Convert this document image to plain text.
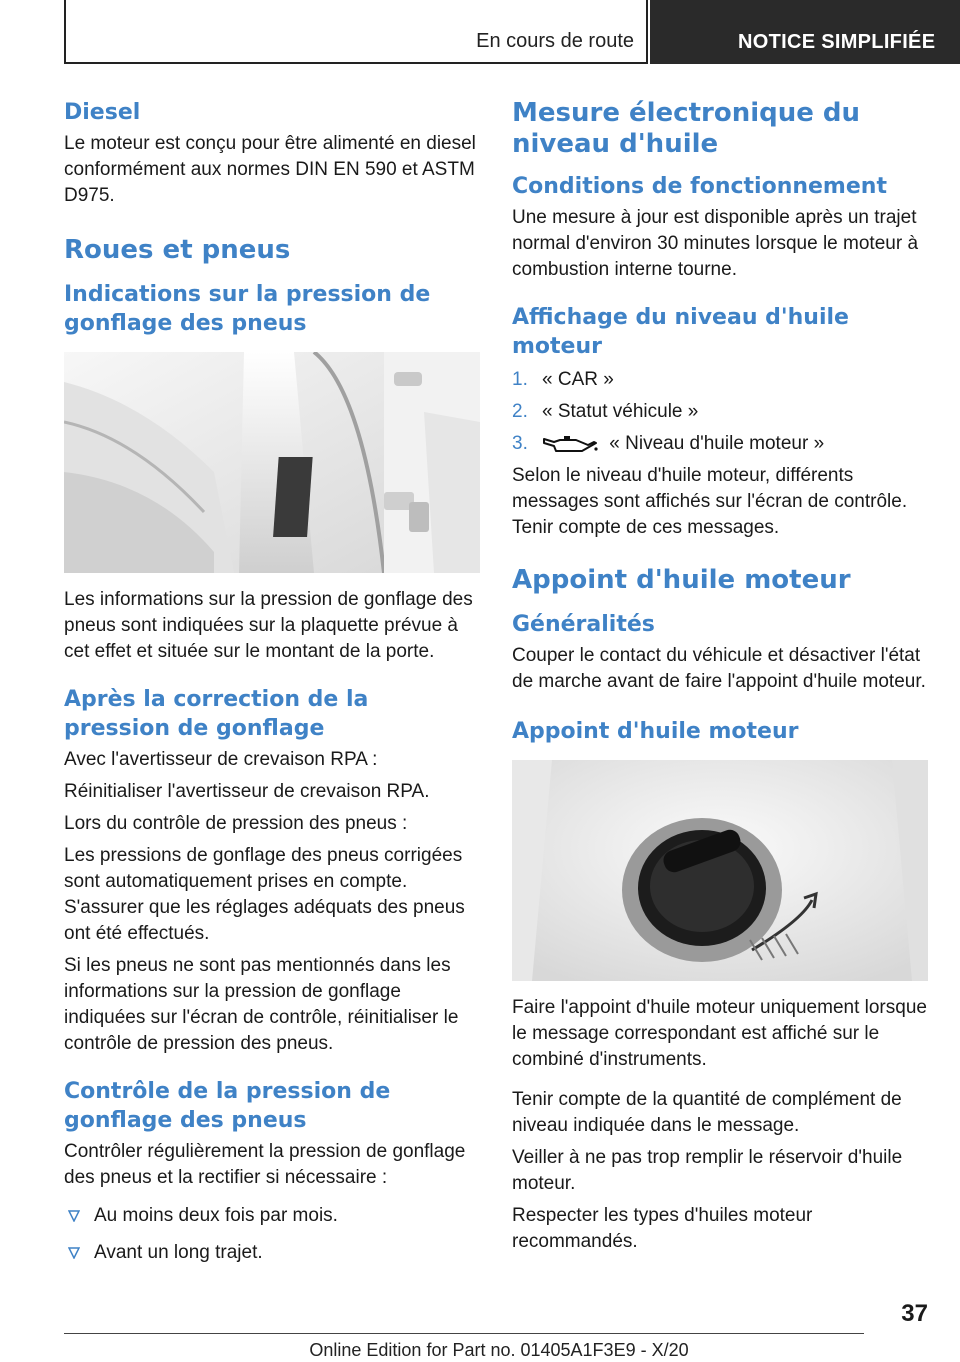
En cours de route	NOTICE SIMPLIFIÉE
Diesel

Le moteur est conçu pour être alimenté en diesel conformément aux normes DIN EN 590 et ASTM D975.

Roues et pneus
Indications sur la pression de gonflage des pneus

Les informations sur la pression de gonflage des pneus sont indiquées sur la plaquette prévue à cet effet et située sur le montant de la porte.

Après la correction de la pression de gonflage

Avec l'avertisseur de crevaison RPA :

Réinitialiser l'avertisseur de crevaison RPA.

Lors du contrôle de pression des pneus :

Les pressions de gonflage des pneus corrigées sont automatiquement prises en compte. S'assurer que les réglages adéquats des pneus ont été effectués.

Si les pneus ne sont pas mentionnés dans les informations sur la pression de gonflage indiquées sur l'écran de contrôle, réinitialiser le contrôle de pression des pneus.

Contrôle de la pression de gonflage des pneus

Contrôler régulièrement la pression de gonflage des pneus et la rectifier si nécessaire :

Au moins deux fois par mois.
Avant un long trajet.
Mesure électronique du niveau d'huile
Conditions de fonctionnement

Une mesure à jour est disponible après un trajet normal d'environ 30 minutes lorsque le moteur à combustion interne tourne.

Affichage du niveau d'huile moteur
1. « CAR »
2. « Statut véhicule »
3.	« Niveau d'huile moteur »

Selon le niveau d'huile moteur, différents messages sont affichés sur l'écran de contrôle. Tenir compte de ces messages.

Appoint d'huile moteur
Généralités

Couper le contact du véhicule et désactiver l'état de marche avant de faire l'appoint d'huile moteur.

Appoint d'huile moteur

Faire l'appoint d'huile moteur uniquement lorsque le message correspondant est affiché sur le combiné d'instruments.

Tenir compte de la quantité de complément de niveau indiquée dans le message.

Veiller à ne pas trop remplir le réservoir d'huile moteur.

Respecter les types d'huiles moteur recommandés.

37
Online Edition for Part no. 01405A1F3E9 - X/20
